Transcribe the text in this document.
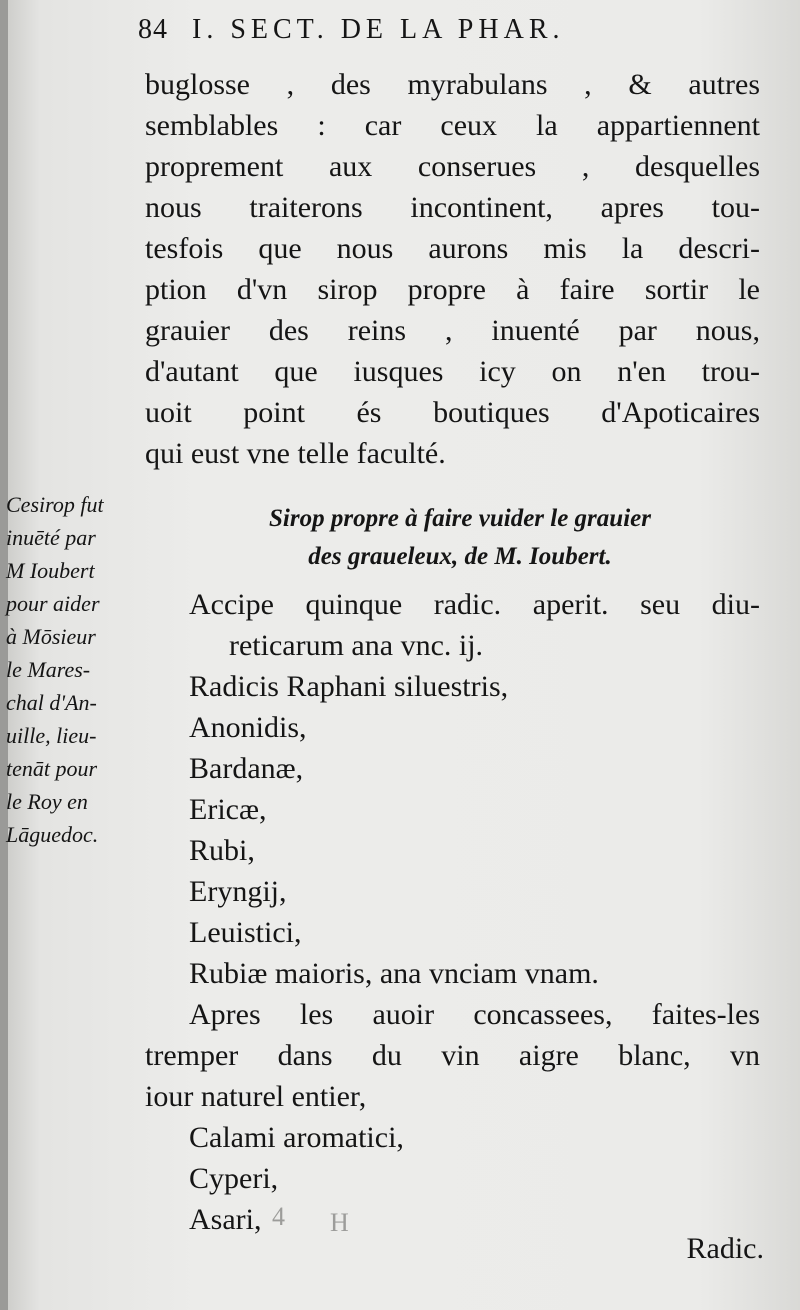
84 I. SECT. DE LA PHAR.
buglosse , des myrabulans , & autres
semblables : car ceux la appartiennent
proprement aux conserues , desquelles
nous traiterons incontinent, apres tou-
tesfois que nous aurons mis la descri-
ption d'vn sirop propre à faire sortir le
grauier des reins , inuenté par nous,
d'autant que iusques icy on n'en trou-
uoit point és boutiques d'Apoticaires
qui eust vne telle faculté.
Cesirop fut
inuēté par
M Ioubert
pour aider
à Mōsieur
le Mares-
chal d'An-
uille, lieu-
tenāt pour
le Roy en
Lāguedoc.
Sirop propre à faire vuider le grauier
des graueleux, de M. Ioubert.
Accipe quinque radic. aperit. seu diu-
reticarum ana vnc. ij.
Radicis Raphani siluestris,
Anonidis,
Bardanæ,
Ericæ,
Rubi,
Eryngij,
Leuistici,
Rubiæ maioris, ana vnciam vnam.
Apres les auoir concassees, faites-les
tremper dans du vin aigre blanc, vn
iour naturel entier,
Calami aromatici,
Cyperi,
Asari,	H
4
Radic.
